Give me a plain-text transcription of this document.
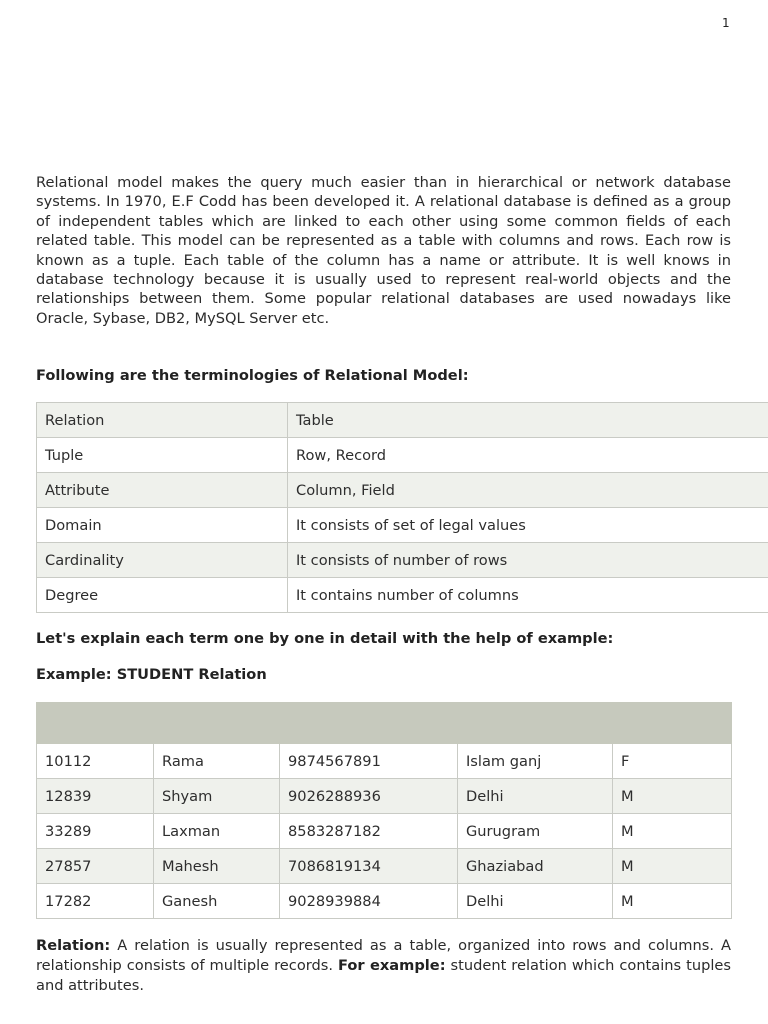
1

Relational model makes the query much easier than in hierarchical or network database systems. In 1970, E.F Codd has been developed it. A relational database is defined as a group of independent tables which are linked to each other using some common fields of each related table. This model can be represented as a table with columns and rows. Each row is known as a tuple. Each table of the column has a name or attribute. It is well knows in database technology because it is usually used to represent real-world objects and the relationships between them. Some popular relational databases are used nowadays like Oracle, Sybase, DB2, MySQL Server etc.

Following are the terminologies of Relational Model:

Relation	Table
Tuple	Row, Record
Attribute	Column, Field
Domain	It consists of set of legal values
Cardinality	It consists of number of rows
Degree	It contains number of columns

Let's explain each term one by one in detail with the help of example:

Example: STUDENT Relation

10112	Rama	9874567891	Islam ganj	F
12839	Shyam	9026288936	Delhi	M
33289	Laxman	8583287182	Gurugram	M
27857	Mahesh	7086819134	Ghaziabad	M
17282	Ganesh	9028939884	Delhi	M

Relation: A relation is usually represented as a table, organized into rows and columns. A relationship consists of multiple records. For example: student relation which contains tuples and attributes.
